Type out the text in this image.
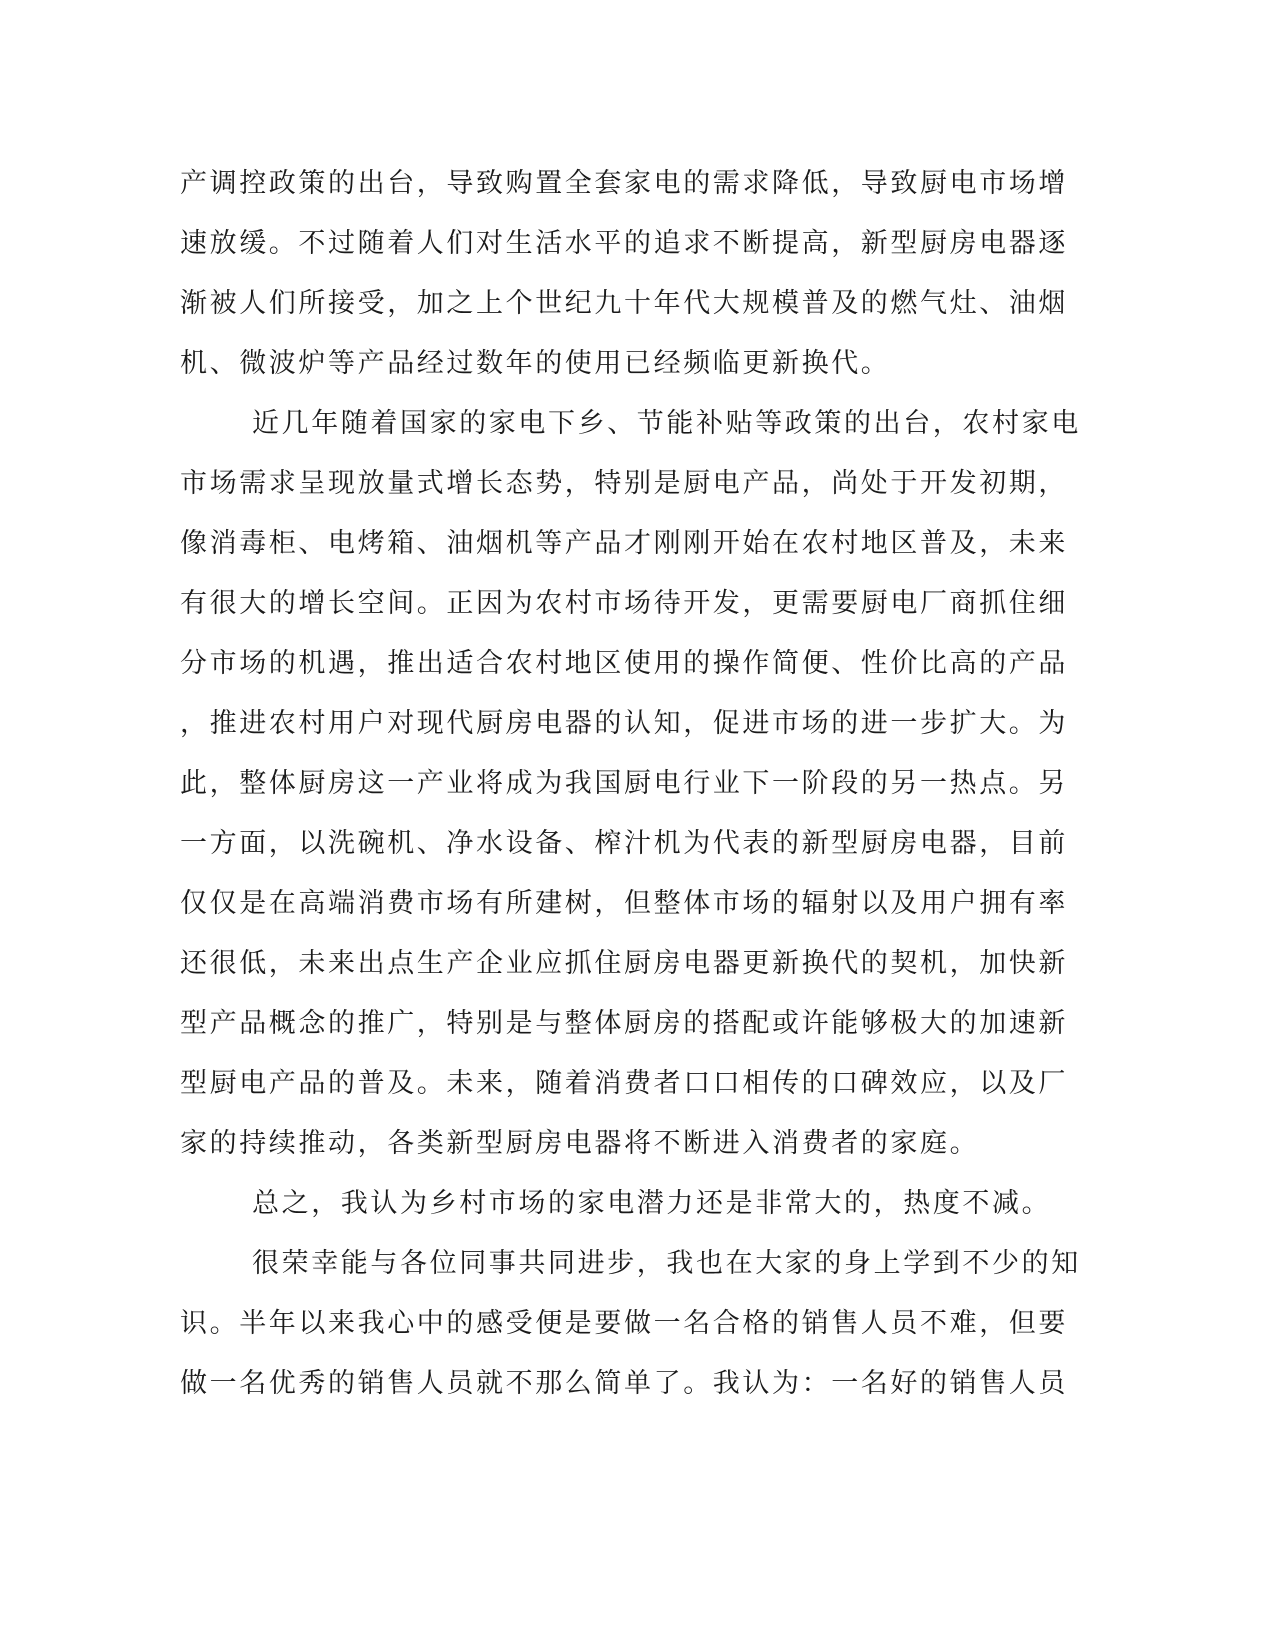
产调控政策的出台，导致购置全套家电的需求降低，导致厨电市场增
速放缓。不过随着人们对生活水平的追求不断提高，新型厨房电器逐
渐被人们所接受，加之上个世纪九十年代大规模普及的燃气灶、油烟
机、微波炉等产品经过数年的使用已经频临更新换代。
近几年随着国家的家电下乡、节能补贴等政策的出台，农村家电
市场需求呈现放量式增长态势，特别是厨电产品，尚处于开发初期，
像消毒柜、电烤箱、油烟机等产品才刚刚开始在农村地区普及，未来
有很大的增长空间。正因为农村市场待开发，更需要厨电厂商抓住细
分市场的机遇，推出适合农村地区使用的操作简便、性价比高的产品
，推进农村用户对现代厨房电器的认知，促进市场的进一步扩大。为
此，整体厨房这一产业将成为我国厨电行业下一阶段的另一热点。另
一方面，以洗碗机、净水设备、榨汁机为代表的新型厨房电器，目前
仅仅是在高端消费市场有所建树，但整体市场的辐射以及用户拥有率
还很低，未来出点生产企业应抓住厨房电器更新换代的契机，加快新
型产品概念的推广，特别是与整体厨房的搭配或许能够极大的加速新
型厨电产品的普及。未来，随着消费者口口相传的口碑效应，以及厂
家的持续推动，各类新型厨房电器将不断进入消费者的家庭。
总之，我认为乡村市场的家电潜力还是非常大的，热度不减。
很荣幸能与各位同事共同进步，我也在大家的身上学到不少的知
识。半年以来我心中的感受便是要做一名合格的销售人员不难，但要
做一名优秀的销售人员就不那么简单了。我认为：一名好的销售人员
